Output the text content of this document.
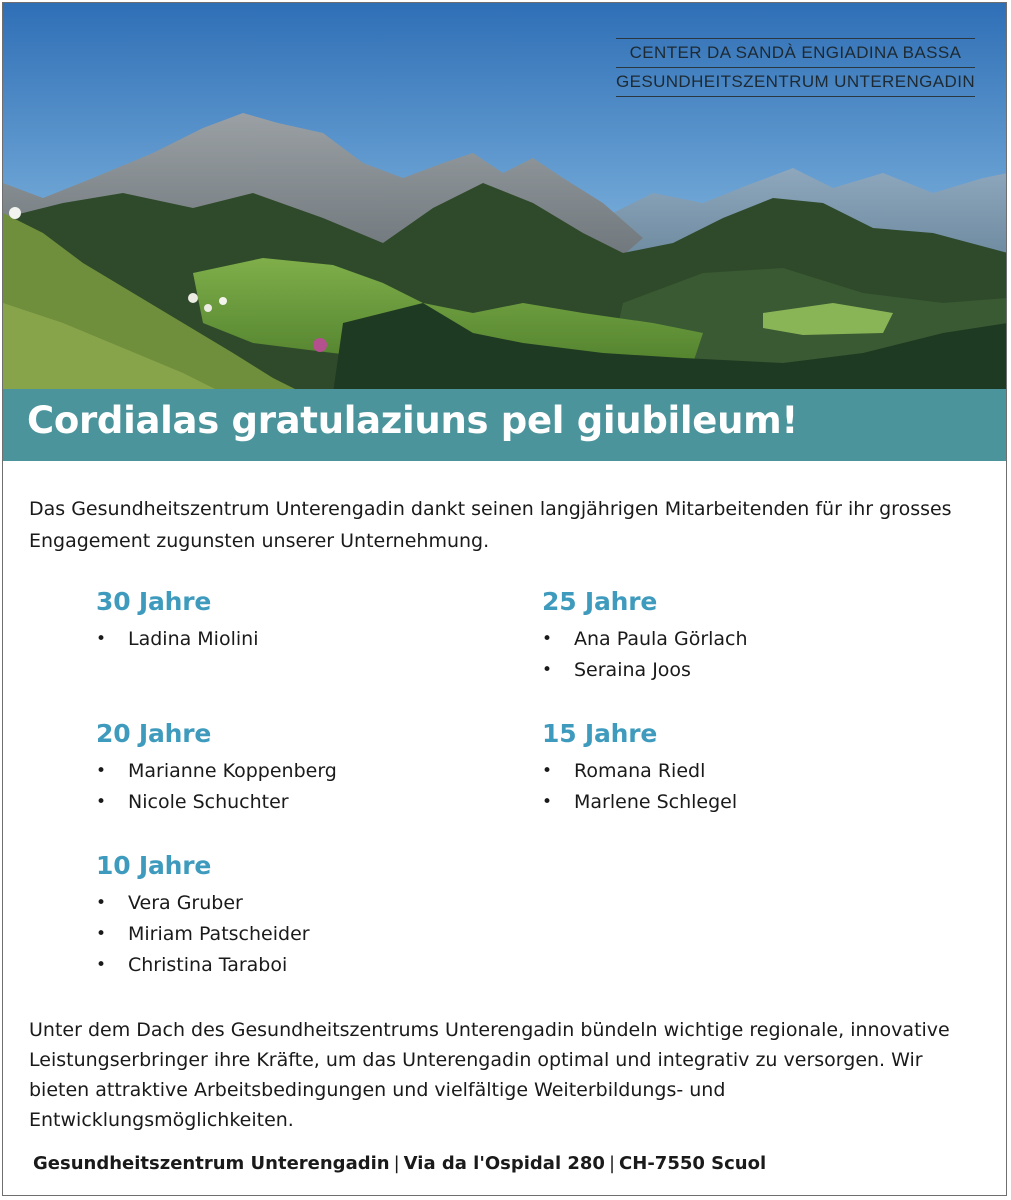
CENTER DA SANDÀ ENGIADINA BASSA
GESUNDHEITSZENTRUM UNTERENGADIN
Cordialas gratulaziuns pel giubileum!

Das Gesundheitszentrum Unterengadin dankt seinen langjährigen Mitarbeitenden für ihr grosses Engagement zugunsten unserer Unternehmung.

30 Jahre
• Ladina Miolini
25 Jahre
• Ana Paula Görlach
• Seraina Joos
20 Jahre
• Marianne Koppenberg
• Nicole Schuchter
15 Jahre
• Romana Riedl
• Marlene Schlegel
10 Jahre
• Vera Gruber
• Miriam Patscheider
• Christina Taraboi

Unter dem Dach des Gesundheitszentrums Unterengadin bündeln wichtige regionale, innovative Leistungserbringer ihre Kräfte, um das Unterengadin optimal und integrativ zu versorgen. Wir bieten attraktive Arbeitsbedingungen und vielfältige Weiterbildungs- und Entwicklungsmöglichkeiten.

Gesundheitszentrum Unterengadin | Via da l'Ospidal 280 | CH-7550 Scuol
